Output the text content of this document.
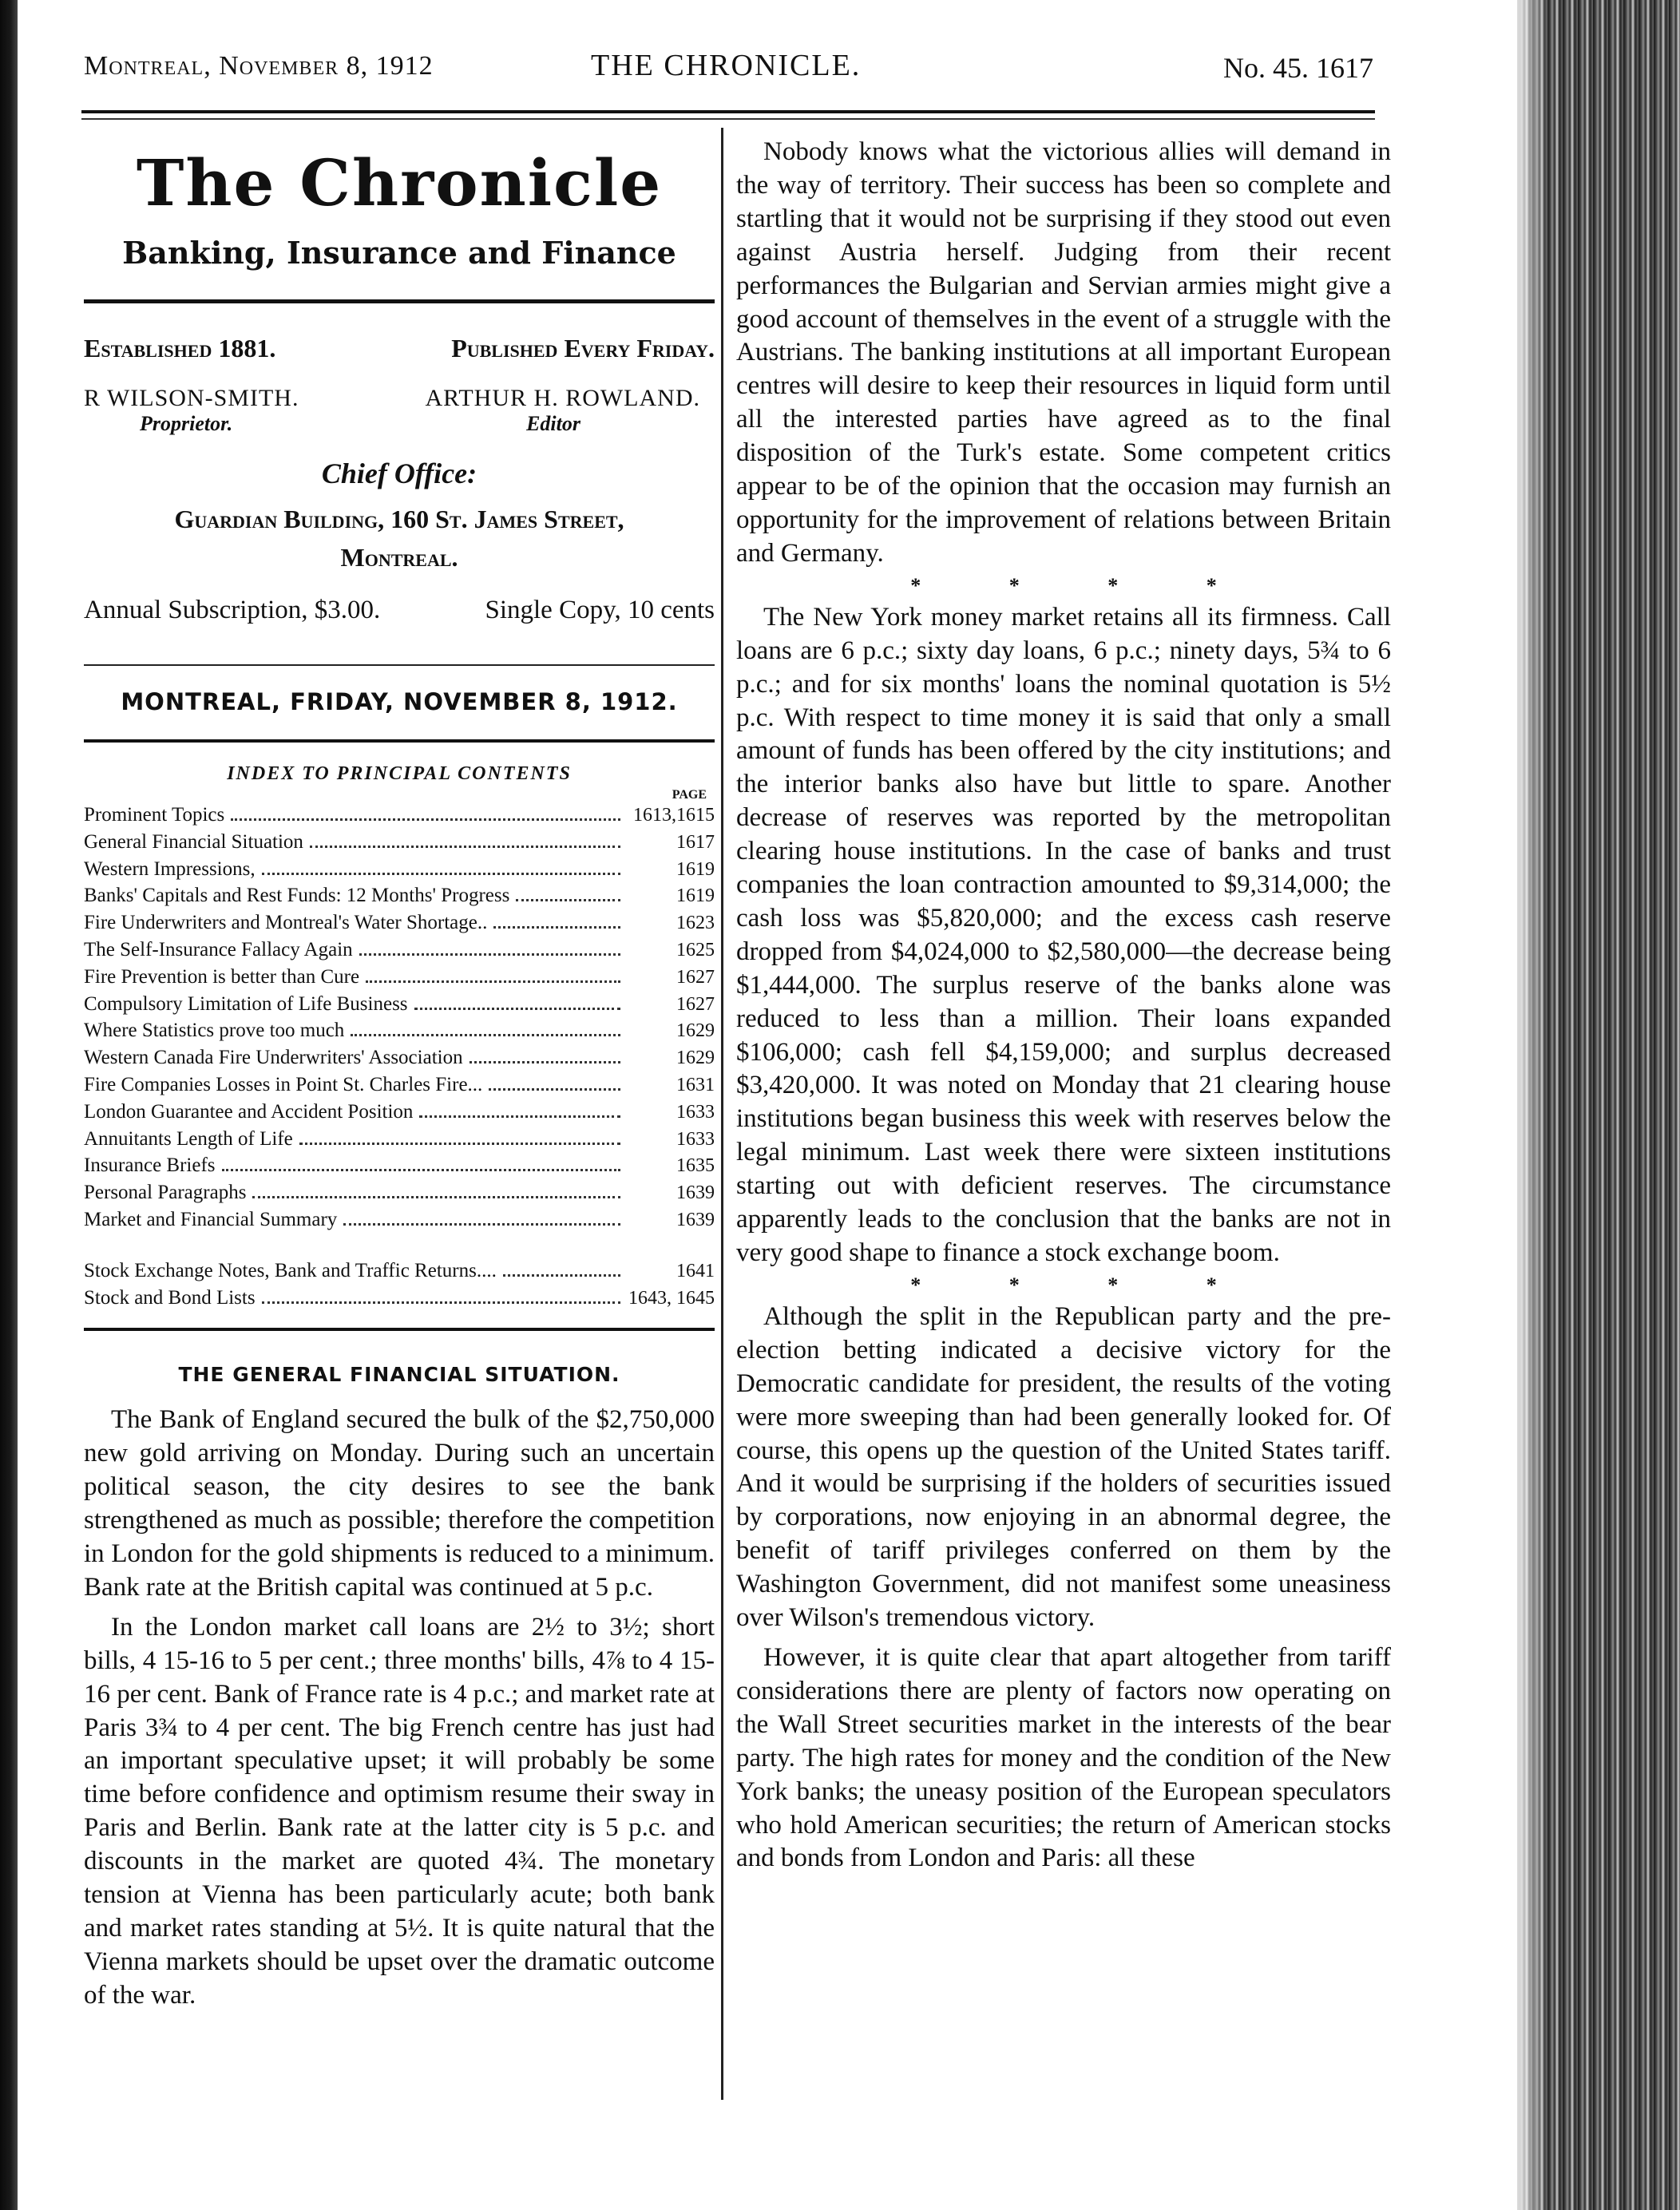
Montreal, November 8, 1912	THE CHRONICLE.	No. 45. 1617
The Chronicle
Banking, Insurance and Finance
Established 1881.	Published Every Friday.
R WILSON-SMITH.
Proprietor.
ARTHUR H. ROWLAND.
Editor
Chief Office:
Guardian Building, 160 St. James Street,
Montreal.
Annual Subscription, $3.00.	Single Copy, 10 cents
MONTREAL, FRIDAY, NOVEMBER 8, 1912.
INDEX TO PRINCIPAL CONTENTS
PAGE
Prominent Topics	1613,1615
General Financial Situation	1617
Western Impressions,	1619
Banks' Capitals and Rest Funds: 12 Months' Progress	1619
Fire Underwriters and Montreal's Water Shortage..	1623
The Self-Insurance Fallacy Again	1625
Fire Prevention is better than Cure	1627
Compulsory Limitation of Life Business	1627
Where Statistics prove too much	1629
Western Canada Fire Underwriters' Association	1629
Fire Companies Losses in Point St. Charles Fire...	1631
London Guarantee and Accident Position	1633
Annuitants Length of Life	1633
Insurance Briefs	1635
Personal Paragraphs	1639
Market and Financial Summary	1639
Stock Exchange Notes, Bank and Traffic Returns....	1641
Stock and Bond Lists	1643, 1645
THE GENERAL FINANCIAL SITUATION.

The Bank of England secured the bulk of the $2,750,000 new gold arriving on Monday. During such an uncertain political season, the city desires to see the bank strengthened as much as possible; therefore the competition in London for the gold shipments is reduced to a minimum. Bank rate at the British capital was continued at 5 p.c.

In the London market call loans are 2½ to 3½; short bills, 4 15-16 to 5 per cent.; three months' bills, 4⅞ to 4 15-16 per cent. Bank of France rate is 4 p.c.; and market rate at Paris 3¾ to 4 per cent. The big French centre has just had an important speculative upset; it will probably be some time before confidence and optimism resume their sway in Paris and Berlin. Bank rate at the latter city is 5 p.c. and discounts in the market are quoted 4¾. The monetary tension at Vienna has been particularly acute; both bank and market rates standing at 5½. It is quite natural that the Vienna markets should be upset over the dramatic outcome of the war.

Nobody knows what the victorious allies will demand in the way of territory. Their success has been so complete and startling that it would not be surprising if they stood out even against Austria herself. Judging from their recent performances the Bulgarian and Servian armies might give a good account of themselves in the event of a struggle with the Austrians. The banking institutions at all important European centres will desire to keep their resources in liquid form until all the interested parties have agreed as to the final disposition of the Turk's estate. Some competent critics appear to be of the opinion that the occasion may furnish an opportunity for the improvement of relations between Britain and Germany.

* * * *

The New York money market retains all its firmness. Call loans are 6 p.c.; sixty day loans, 6 p.c.; ninety days, 5¾ to 6 p.c.; and for six months' loans the nominal quotation is 5½ p.c. With respect to time money it is said that only a small amount of funds has been offered by the city institutions; and the interior banks also have but little to spare. Another decrease of reserves was reported by the metropolitan clearing house institutions. In the case of banks and trust companies the loan contraction amounted to $9,314,000; the cash loss was $5,820,000; and the excess cash reserve dropped from $4,024,000 to $2,580,000—the decrease being $1,444,000. The surplus reserve of the banks alone was reduced to less than a million. Their loans expanded $106,000; cash fell $4,159,000; and surplus decreased $3,420,000. It was noted on Monday that 21 clearing house institutions began business this week with reserves below the legal minimum. Last week there were sixteen institutions starting out with deficient reserves. The circumstance apparently leads to the conclusion that the banks are not in very good shape to finance a stock exchange boom.

* * * *

Although the split in the Republican party and the pre-election betting indicated a decisive victory for the Democratic candidate for president, the results of the voting were more sweeping than had been generally looked for. Of course, this opens up the question of the United States tariff. And it would be surprising if the holders of securities issued by corporations, now enjoying in an abnormal degree, the benefit of tariff privileges conferred on them by the Washington Government, did not manifest some uneasiness over Wilson's tremendous victory.

However, it is quite clear that apart altogether from tariff considerations there are plenty of factors now operating on the Wall Street securities market in the interests of the bear party. The high rates for money and the condition of the New York banks; the uneasy position of the European speculators who hold American securities; the return of American stocks and bonds from London and Paris: all these
